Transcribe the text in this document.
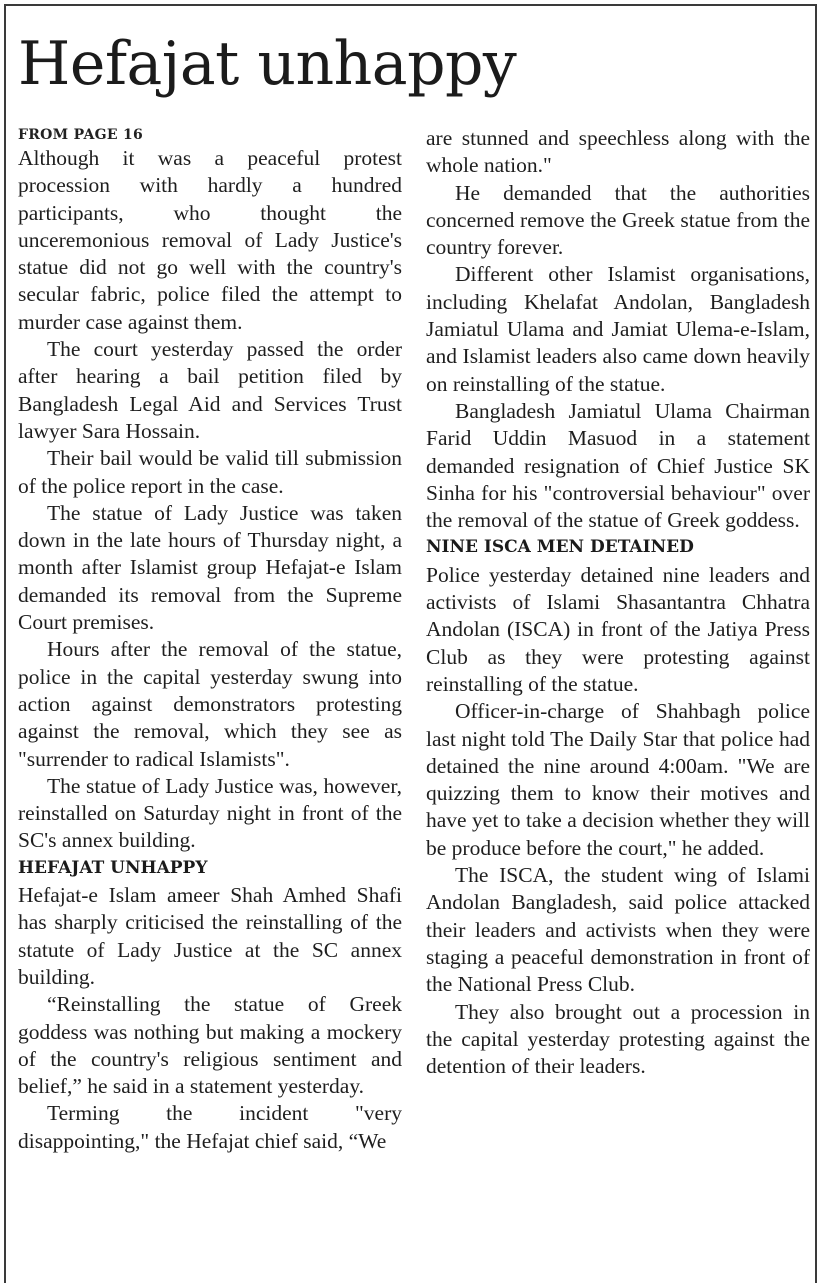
Hefajat unhappy

FROM PAGE 16

Although it was a peaceful protest procession with hardly a hundred participants, who thought the unceremonious removal of Lady Justice's statue did not go well with the country's secular fabric, police filed the attempt to murder case against them.

The court yesterday passed the order after hearing a bail petition filed by Bangladesh Legal Aid and Services Trust lawyer Sara Hossain.

Their bail would be valid till submission of the police report in the case.

The statue of Lady Justice was taken down in the late hours of Thursday night, a month after Islamist group Hefajat-e Islam demanded its removal from the Supreme Court premises.

Hours after the removal of the statue, police in the capital yesterday swung into action against demonstrators protesting against the removal, which they see as "surrender to radical Islamists".

The statue of Lady Justice was, however, reinstalled on Saturday night in front of the SC's annex building.

HEFAJAT UNHAPPY

Hefajat-e Islam ameer Shah Amhed Shafi has sharply criticised the reinstalling of the statute of Lady Justice at the SC annex building.

“Reinstalling the statue of Greek goddess was nothing but making a mockery of the country's religious sentiment and belief,” he said in a statement yesterday.

Terming the incident "very disappointing," the Hefajat chief said, “We

are stunned and speechless along with the whole nation."

He demanded that the authorities concerned remove the Greek statue from the country forever.

Different other Islamist organisations, including Khelafat Andolan, Bangladesh Jamiatul Ulama and Jamiat Ulema-e-Islam, and Islamist leaders also came down heavily on reinstalling of the statue.

Bangladesh Jamiatul Ulama Chairman Farid Uddin Masuod in a statement demanded resignation of Chief Justice SK Sinha for his "controversial behaviour" over the removal of the statue of Greek goddess.

NINE ISCA MEN DETAINED

Police yesterday detained nine leaders and activists of Islami Shasantantra Chhatra Andolan (ISCA) in front of the Jatiya Press Club as they were protesting against reinstalling of the statue.

Officer-in-charge of Shahbagh police last night told The Daily Star that police had detained the nine around 4:00am. "We are quizzing them to know their motives and have yet to take a decision whether they will be produce before the court," he added.

The ISCA, the student wing of Islami Andolan Bangladesh, said police attacked their leaders and activists when they were staging a peaceful demonstration in front of the National Press Club.

They also brought out a procession in the capital yesterday protesting against the detention of their leaders.
